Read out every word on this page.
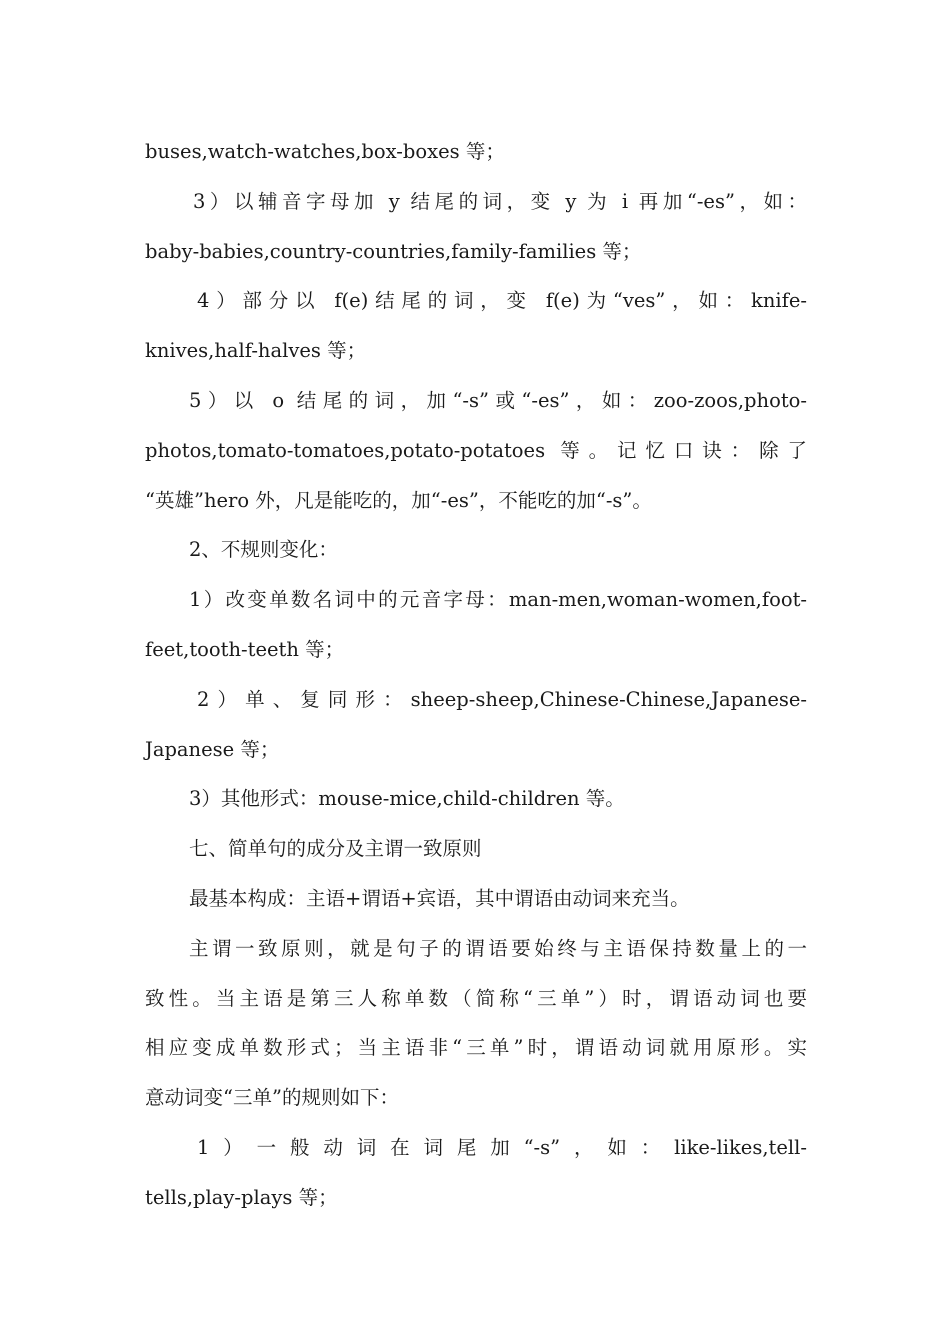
buses,watch-watches,box-boxes 等；
3）以辅音字母加 y 结尾的词，变 y 为 i 再加“-es”，如：
baby-babies,country-countries,family-families 等；
4）部分以 f(e)结尾的词，变 f(e)为“ves”，如：knife-
knives,half-halves 等；
5）以 o 结尾的词，加“-s”或“-es”，如：zoo-zoos,photo-
photos,tomato-tomatoes,potato-potatoes 等。记忆口诀：除了
“英雄”hero 外，凡是能吃的，加“-es”，不能吃的加“-s”。
2、不规则变化：
1）改变单数名词中的元音字母：man-men,woman-women,foot-
feet,tooth-teeth 等；
2）单、复同形：sheep-sheep,Chinese-Chinese,Japanese-
Japanese 等；
3）其他形式：mouse-mice,child-children 等。
七、简单句的成分及主谓一致原则
最基本构成：主语+谓语+宾语，其中谓语由动词来充当。
主谓一致原则，就是句子的谓语要始终与主语保持数量上的一
致性。当主语是第三人称单数（简称“三单”）时，谓语动词也要
相应变成单数形式；当主语非“三单”时，谓语动词就用原形。实
意动词变“三单”的规则如下：
1）一般动词在词尾加“-s”，如：like-likes,tell-
tells,play-plays 等；
